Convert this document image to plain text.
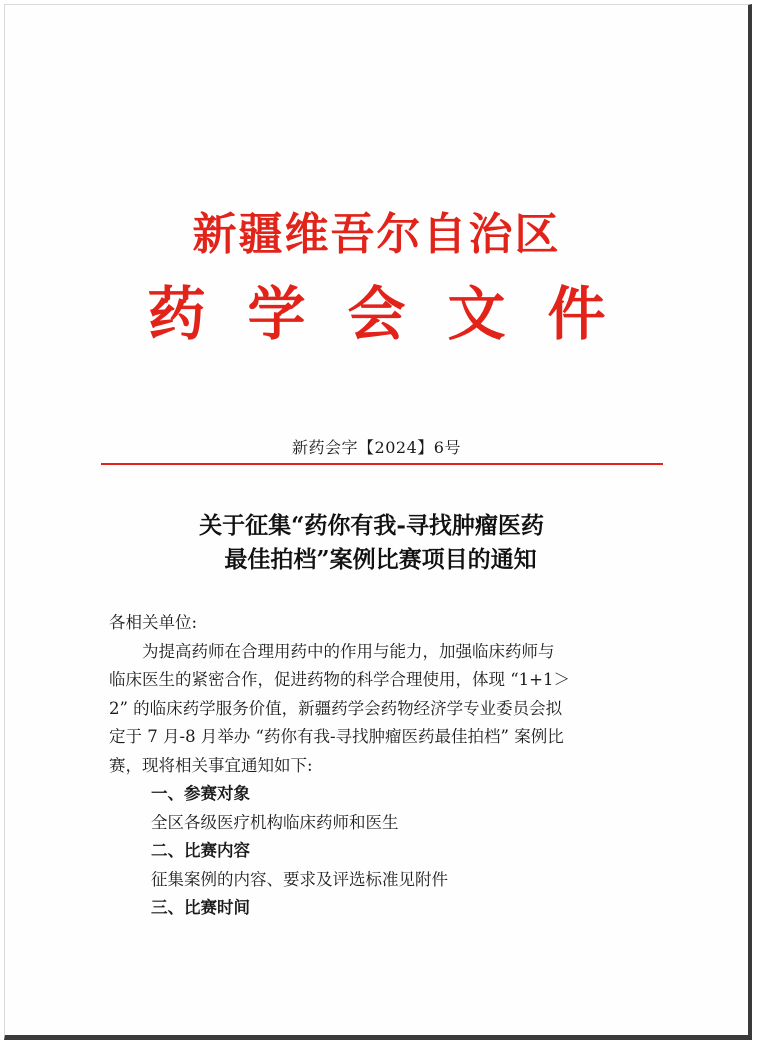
新疆维吾尔自治区
药学会文件
新药会字【2024】6号
关于征集“药你有我-寻找肿瘤医药
最佳拍档”案例比赛项目的通知

各相关单位:

为提高药师在合理用药中的作用与能力，加强临床药师与

临床医生的紧密合作，促进药物的科学合理使用，体现 “1+1＞

2” 的临床药学服务价值，新疆药学会药物经济学专业委员会拟

定于 7 月-8 月举办 “药你有我-寻找肿瘤医药最佳拍档” 案例比

赛，现将相关事宜通知如下:

一、参赛对象

全区各级医疗机构临床药师和医生

二、比赛内容

征集案例的内容、要求及评选标准见附件

三、比赛时间
